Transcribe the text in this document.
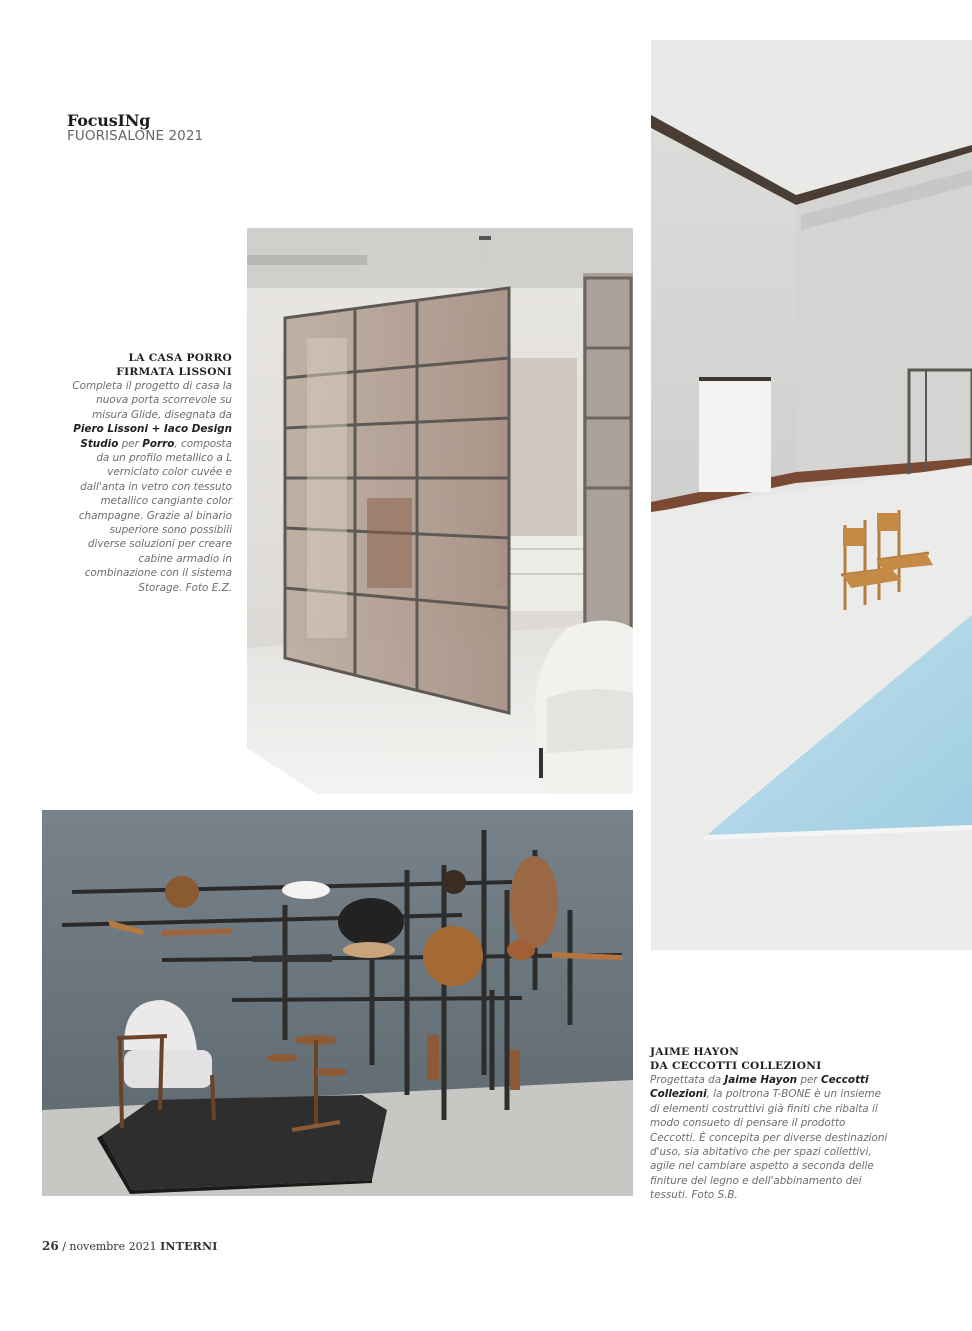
FocusINg
FUORISALONE 2021
LA CASA PORRO
FIRMATA LISSONI
Completa il progetto di casa la nuova porta scorrevole su misura Glide, disegnata da Piero Lissoni + Iaco Design Studio per Porro, composta da un profilo metallico a L verniciato color cuvée e dall'anta in vetro con tessuto metallico cangiante color champagne. Grazie al binario superiore sono possibili diverse soluzioni per creare cabine armadio in combinazione con il sistema Storage. Foto E.Z.
JAIME HAYON
DA CECCOTTI COLLEZIONI
Progettata da Jaime Hayon per Ceccotti Collezioni, la poltrona T-BONE è un insieme di elementi costruttivi già finiti che ribalta il modo consueto di pensare il prodotto Ceccotti. È concepita per diverse destinazioni d'uso, sia abitativo che per spazi collettivi, agile nel cambiare aspetto a seconda delle finiture del legno e dell'abbinamento dei tessuti. Foto S.B.
26 / novembre 2021 INTERNI
